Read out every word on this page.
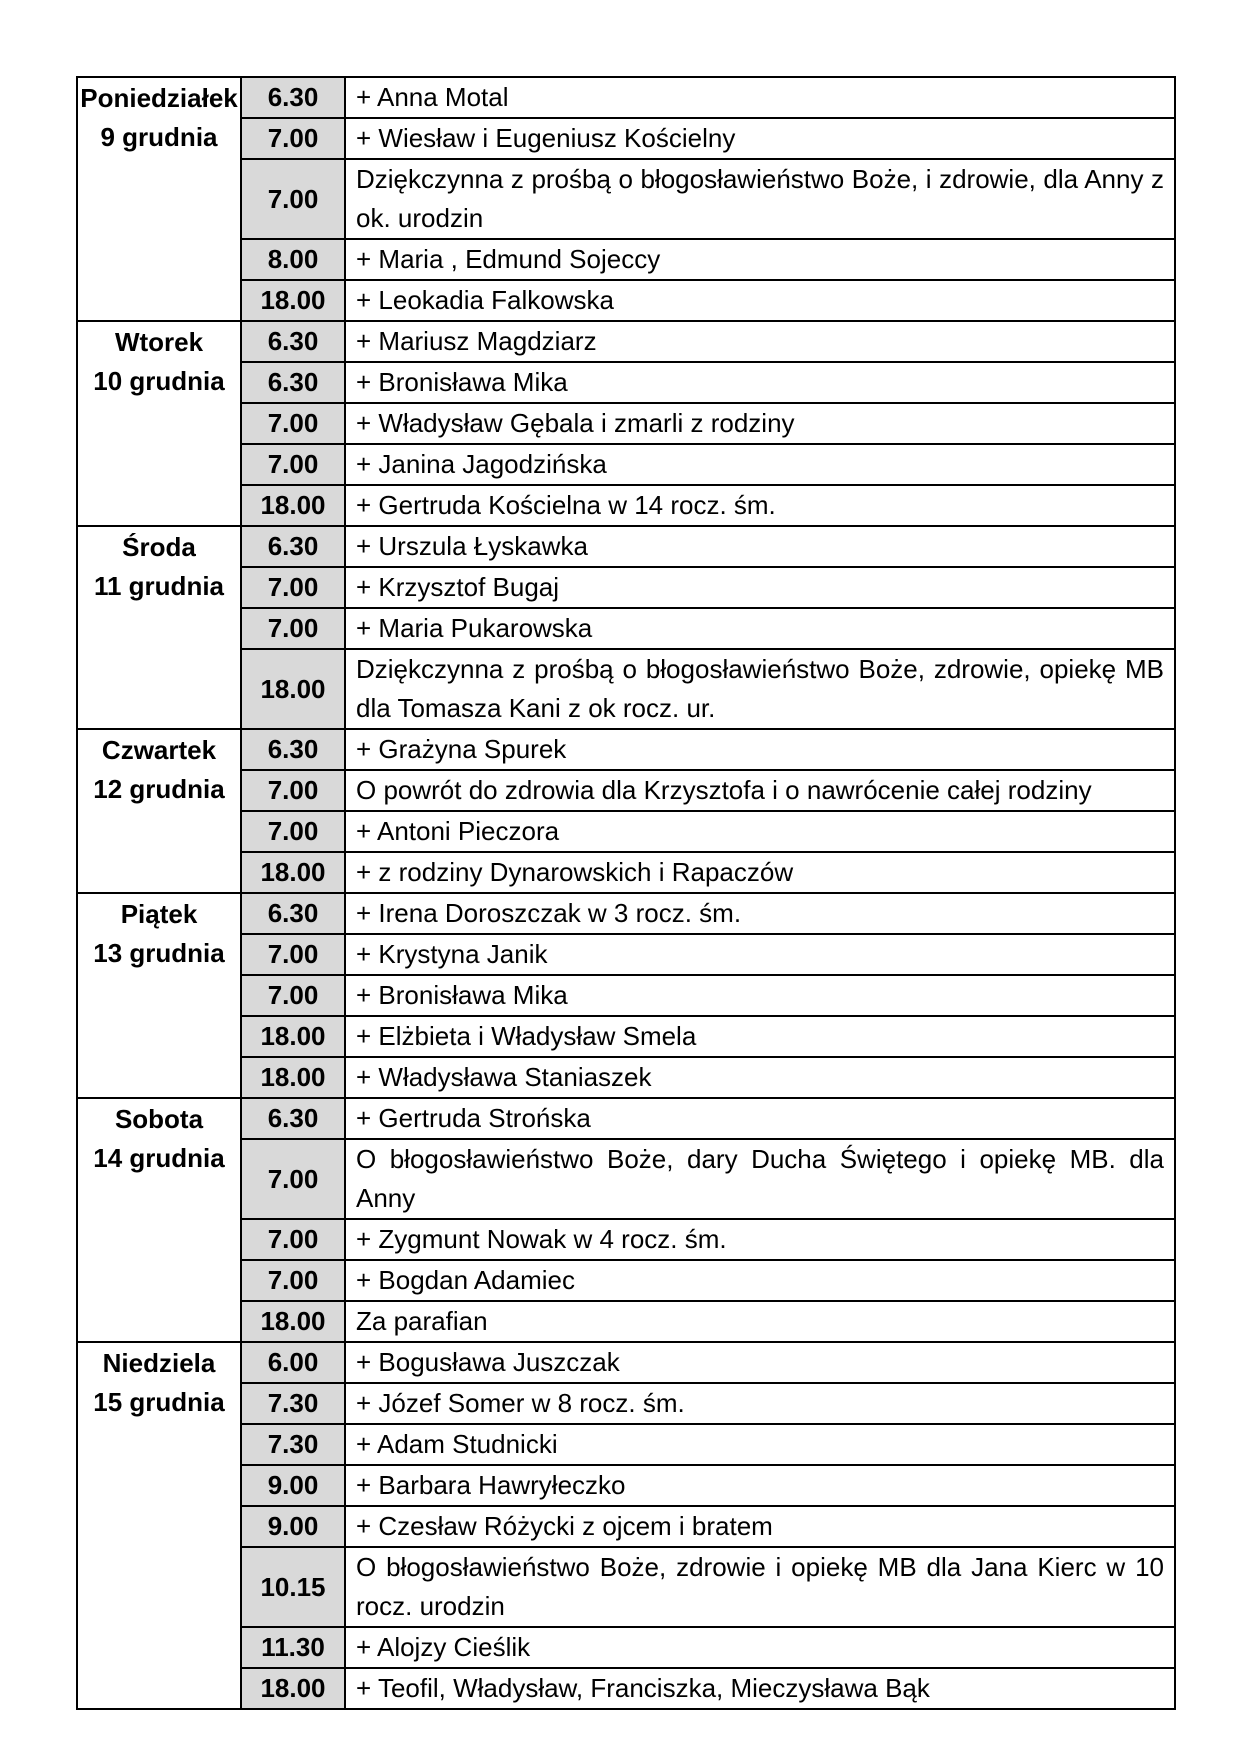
Poniedziałek
9 grudnia	6.30	+ Anna Motal
	7.00	+ Wiesław i Eugeniusz Kościelny
	7.00	Dziękczynna z prośbą o błogosławieństwo Boże, i zdrowie, dla Anny z ok. urodzin
	8.00	+ Maria , Edmund Sojeccy
	18.00	+ Leokadia Falkowska

Wtorek
10 grudnia	6.30	+ Mariusz Magdziarz
	6.30	+ Bronisława Mika
	7.00	+ Władysław Gębala i zmarli z rodziny
	7.00	+ Janina Jagodzińska
	18.00	+ Gertruda Kościelna w 14 rocz. śm.

Środa
11 grudnia	6.30	+ Urszula Łyskawka
	7.00	+ Krzysztof Bugaj
	7.00	+ Maria Pukarowska
	18.00	Dziękczynna z prośbą o błogosławieństwo Boże, zdrowie, opiekę MB dla Tomasza Kani z ok rocz. ur.

Czwartek
12 grudnia	6.30	+ Grażyna Spurek
	7.00	O powrót do zdrowia dla Krzysztofa i o nawrócenie całej rodziny
	7.00	+ Antoni Pieczora
	18.00	+ z rodziny Dynarowskich i Rapaczów

Piątek
13 grudnia	6.30	+ Irena Doroszczak w 3 rocz. śm.
	7.00	+ Krystyna Janik
	7.00	+ Bronisława Mika
	18.00	+ Elżbieta i Władysław Smela
	18.00	+ Władysława Staniaszek

Sobota
14 grudnia	6.30	+ Gertruda Strońska
	7.00	O błogosławieństwo Boże, dary Ducha Świętego i opiekę MB. dla Anny
	7.00	+ Zygmunt Nowak w 4 rocz. śm.
	7.00	+ Bogdan Adamiec
	18.00	Za parafian

Niedziela
15 grudnia	6.00	+ Bogusława Juszczak
	7.30	+ Józef Somer w 8 rocz. śm.
	7.30	+ Adam Studnicki
	9.00	+ Barbara Hawryłeczko
	9.00	+ Czesław Różycki z ojcem i bratem
	10.15	O błogosławieństwo Boże, zdrowie i opiekę MB dla Jana Kierc w 10 rocz. urodzin
	11.30	+ Alojzy Cieślik
	18.00	+ Teofil, Władysław, Franciszka, Mieczysława Bąk
